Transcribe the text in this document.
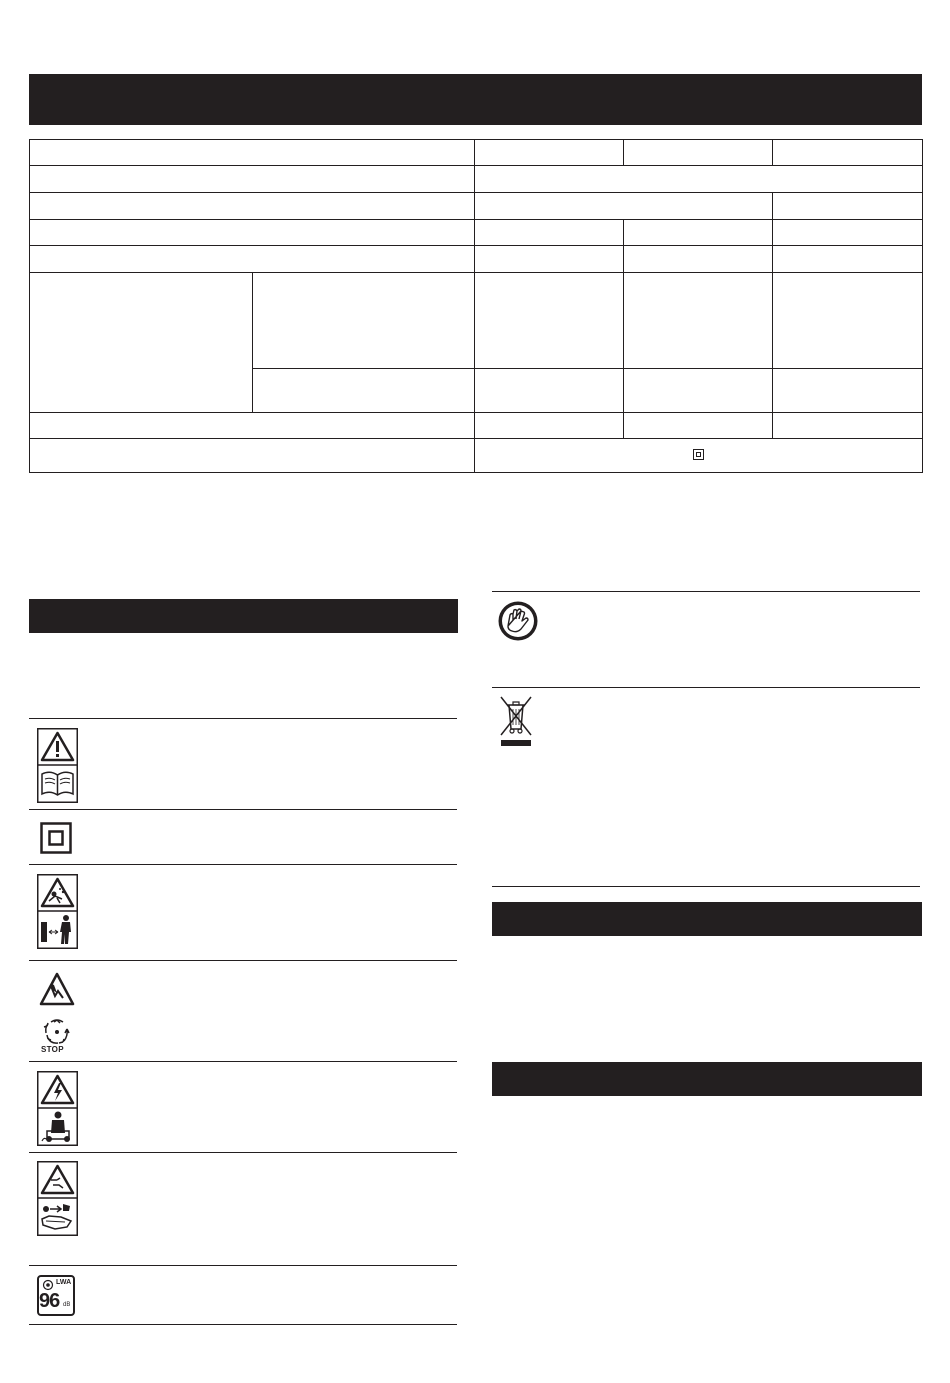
STOP
LWA
96 dB
